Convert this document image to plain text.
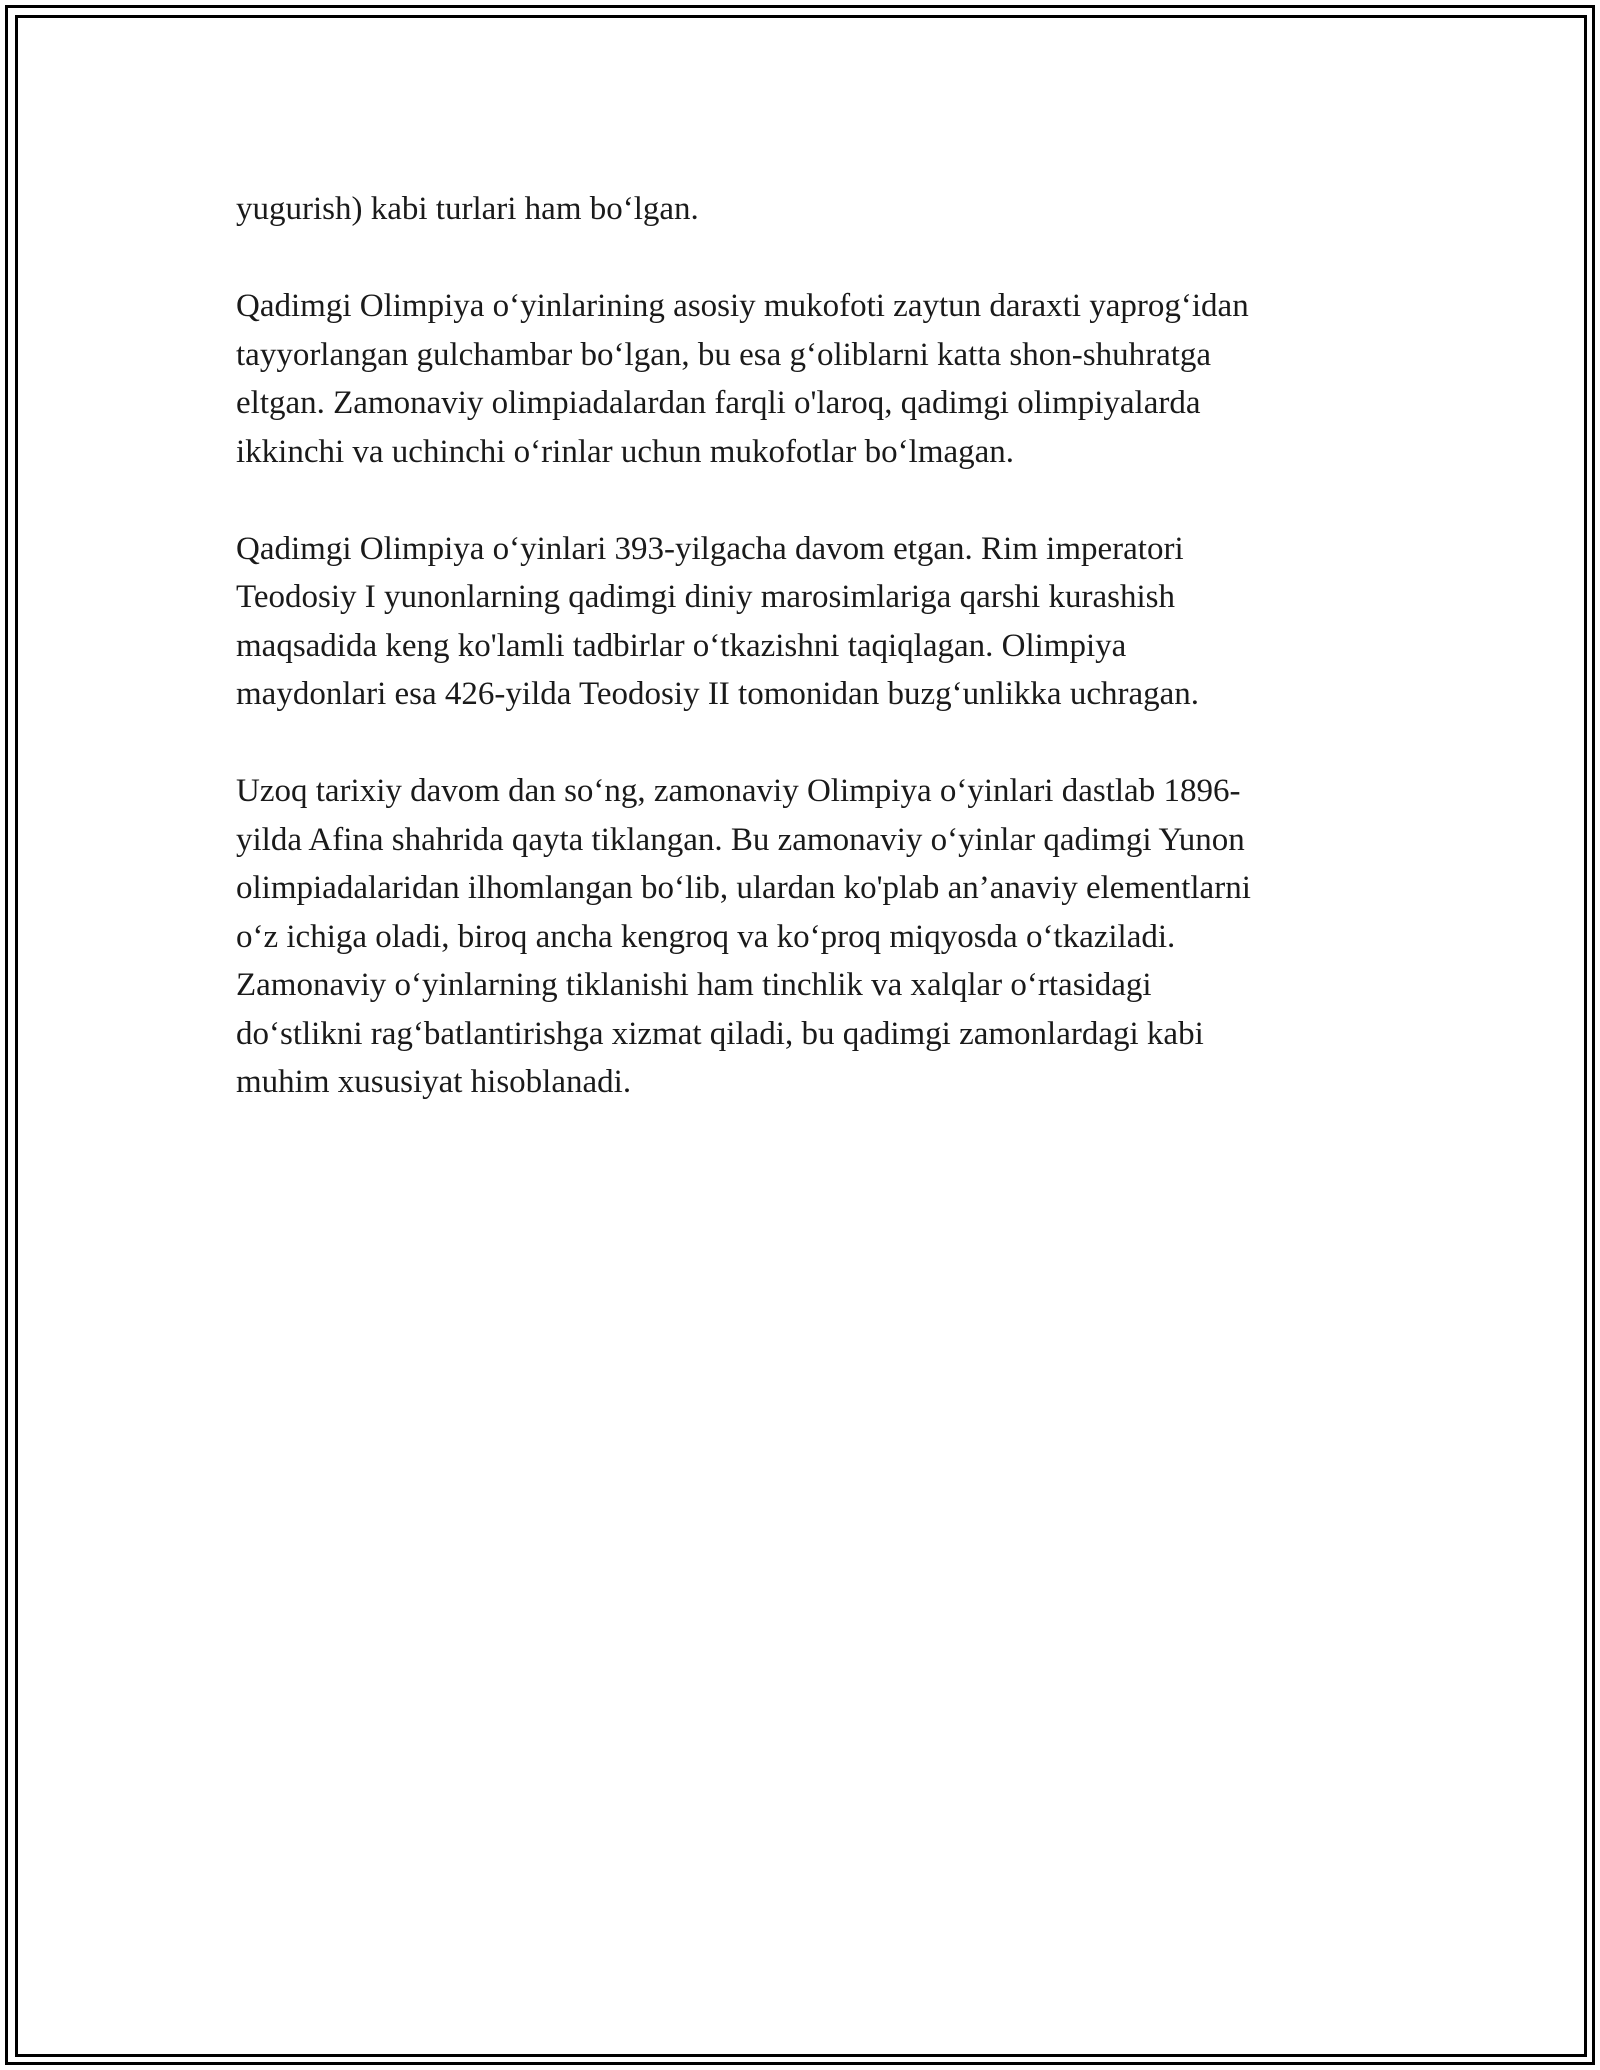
yugurish) kabi turlari ham bo‘lgan.

Qadimgi Olimpiya o‘yinlarining asosiy mukofoti zaytun daraxti yaprog‘idan
tayyorlangan gulchambar bo‘lgan, bu esa g‘oliblarni katta shon-shuhratga
eltgan. Zamonaviy olimpiadalardan farqli o'laroq, qadimgi olimpiyalarda
ikkinchi va uchinchi o‘rinlar uchun mukofotlar bo‘lmagan.

Qadimgi Olimpiya o‘yinlari 393-yilgacha davom etgan. Rim imperatori
Teodosiy I yunonlarning qadimgi diniy marosimlariga qarshi kurashish
maqsadida keng ko'lamli tadbirlar o‘tkazishni taqiqlagan. Olimpiya
maydonlari esa 426-yilda Teodosiy II tomonidan buzg‘unlikka uchragan.

Uzoq tarixiy davom dan so‘ng, zamonaviy Olimpiya o‘yinlari dastlab 1896-
yilda Afina shahrida qayta tiklangan. Bu zamonaviy o‘yinlar qadimgi Yunon
olimpiadalaridan ilhomlangan bo‘lib, ulardan ko'plab an’anaviy elementlarni
o‘z ichiga oladi, biroq ancha kengroq va ko‘proq miqyosda o‘tkaziladi.
Zamonaviy o‘yinlarning tiklanishi ham tinchlik va xalqlar o‘rtasidagi
do‘stlikni rag‘batlantirishga xizmat qiladi, bu qadimgi zamonlardagi kabi
muhim xususiyat hisoblanadi.
